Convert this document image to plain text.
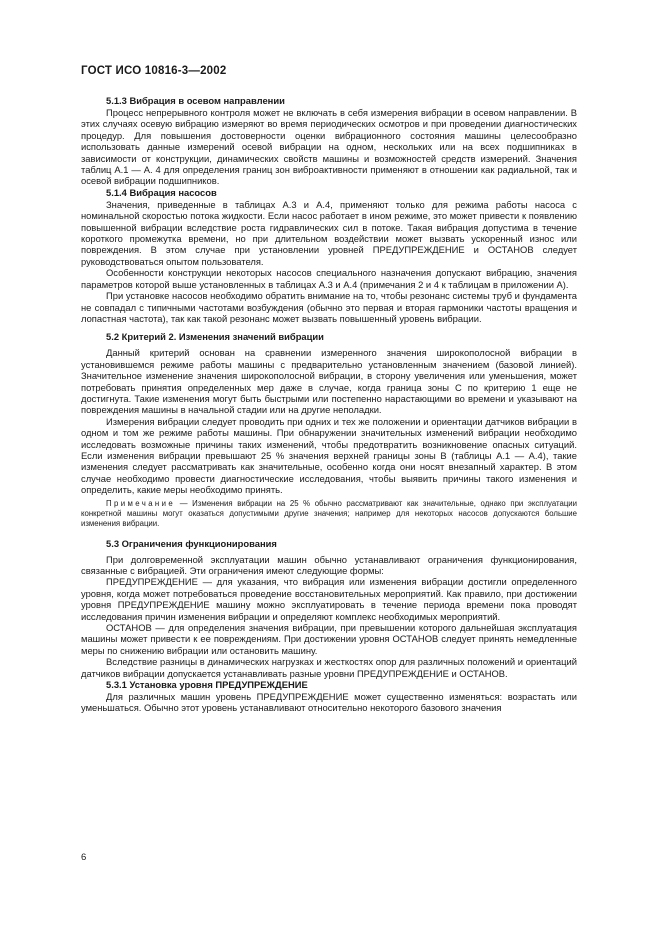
ГОСТ ИСО 10816-3—2002
5.1.3 Вибрация в осевом направлении

Процесс непрерывного контроля может не включать в себя измерения вибрации в осевом направлении. В этих случаях осевую вибрацию измеряют во время периодических осмотров и при проведении диагностических процедур. Для повышения достоверности оценки вибрационного состояния машины целесообразно использовать данные измерений осевой вибрации на одном, нескольких или на всех подшипниках в зависимости от конструкции, динамических свойств машины и возможностей средств измерений. Значения таблиц А.1 — А. 4 для определения границ зон виброактивности применяют в отношении как радиальной, так и осевой вибрации подшипников.

5.1.4 Вибрация насосов

Значения, приведенные в таблицах А.3 и А.4, применяют только для режима работы насоса с номинальной скоростью потока жидкости. Если насос работает в ином режиме, это может привести к появлению повышенной вибрации вследствие роста гидравлических сил в потоке. Такая вибрация допустима в течение короткого промежутка времени, но при длительном воздействии может вызвать ускоренный износ или повреждения. В этом случае при установлении уровней ПРЕДУПРЕЖДЕНИЕ и ОСТАНОВ следует руководствоваться опытом пользователя.

Особенности конструкции некоторых насосов специального назначения допускают вибрацию, значения параметров которой выше установленных в таблицах А.3 и А.4 (примечания 2 и 4 к таблицам в приложении А).

При установке насосов необходимо обратить внимание на то, чтобы резонанс системы труб и фундамента не совпадал с типичными частотами возбуждения (обычно это первая и вторая гармоники частоты вращения и лопастная частота), так как такой резонанс может вызвать повышенный уровень вибрации.

5.2 Критерий 2. Изменения значений вибрации

Данный критерий основан на сравнении измеренного значения широкополосной вибрации в установившемся режиме работы машины с предварительно установленным значением (базовой линией). Значительное изменение значения широкополосной вибрации, в сторону увеличения или уменьшения, может потребовать принятия определенных мер даже в случае, когда граница зоны С по критерию 1 еще не достигнута. Такие изменения могут быть быстрыми или постепенно нарастающими во времени и указывают на повреждения машины в начальной стадии или на другие неполадки.

Измерения вибрации следует проводить при одних и тех же положении и ориентации датчиков вибрации в одном и том же режиме работы машины. При обнаружении значительных изменений вибрации необходимо исследовать возможные причины таких изменений, чтобы предотвратить возникновение опасных ситуаций. Если изменения вибрации превышают 25 % значения верхней границы зоны В (таблицы А.1 — А.4), такие изменения следует рассматривать как значительные, особенно когда они носят внезапный характер. В этом случае необходимо провести диагностические исследования, чтобы выявить причины такого изменения и определить, какие меры необходимо принять.

Примечание — Изменения вибрации на 25 % обычно рассматривают как значительные, однако при эксплуатации конкретной машины могут оказаться допустимыми другие значения; например для некоторых насосов допускаются большие изменения вибрации.
5.3 Ограничения функционирования

При долговременной эксплуатации машин обычно устанавливают ограничения функционирования, связанные с вибрацией. Эти ограничения имеют следующие формы:

ПРЕДУПРЕЖДЕНИЕ — для указания, что вибрация или изменения вибрации достигли определенного уровня, когда может потребоваться проведение восстановительных мероприятий. Как правило, при достижении уровня ПРЕДУПРЕЖДЕНИЕ машину можно эксплуатировать в течение периода времени пока проводят исследования причин изменения вибрации и определяют комплекс необходимых мероприятий.

ОСТАНОВ — для определения значения вибрации, при превышении которого дальнейшая эксплуатация машины может привести к ее повреждениям. При достижении уровня ОСТАНОВ следует принять немедленные меры по снижению вибрации или остановить машину.

Вследствие разницы в динамических нагрузках и жесткостях опор для различных положений и ориентаций датчиков вибрации допускается устанавливать разные уровни ПРЕДУПРЕЖДЕНИЕ и ОСТАНОВ.

5.3.1 Установка уровня ПРЕДУПРЕЖДЕНИЕ

Для различных машин уровень ПРЕДУПРЕЖДЕНИЕ может существенно изменяться: возрастать или уменьшаться. Обычно этот уровень устанавливают относительно некоторого базового значения

6
